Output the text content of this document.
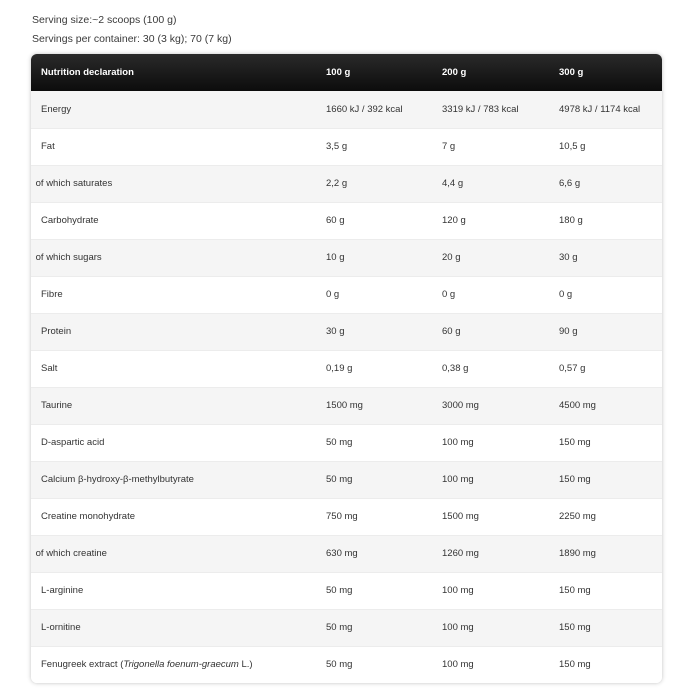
Serving size:~2 scoops (100 g)
Servings per container: 30 (3 kg); 70 (7 kg)
Nutrition declaration	100 g	200 g	300 g
Energy	1660 kJ / 392 kcal	3319 kJ / 783 kcal	4978 kJ / 1174 kcal
Fat	3,5 g	7 g	10,5 g
of which saturates	2,2 g	4,4 g	6,6 g
Carbohydrate	60 g	120 g	180 g
of which sugars	10 g	20 g	30 g
Fibre	0 g	0 g	0 g
Protein	30 g	60 g	90 g
Salt	0,19 g	0,38 g	0,57 g
Taurine	1500 mg	3000 mg	4500 mg
D-aspartic acid	50 mg	100 mg	150 mg
Calcium β-hydroxy-β-methylbutyrate	50 mg	100 mg	150 mg
Creatine monohydrate	750 mg	1500 mg	2250 mg
of which creatine	630 mg	1260 mg	1890 mg
L-arginine	50 mg	100 mg	150 mg
L-ornitine	50 mg	100 mg	150 mg
Fenugreek extract (Trigonella foenum-graecum L.)	50 mg	100 mg	150 mg
